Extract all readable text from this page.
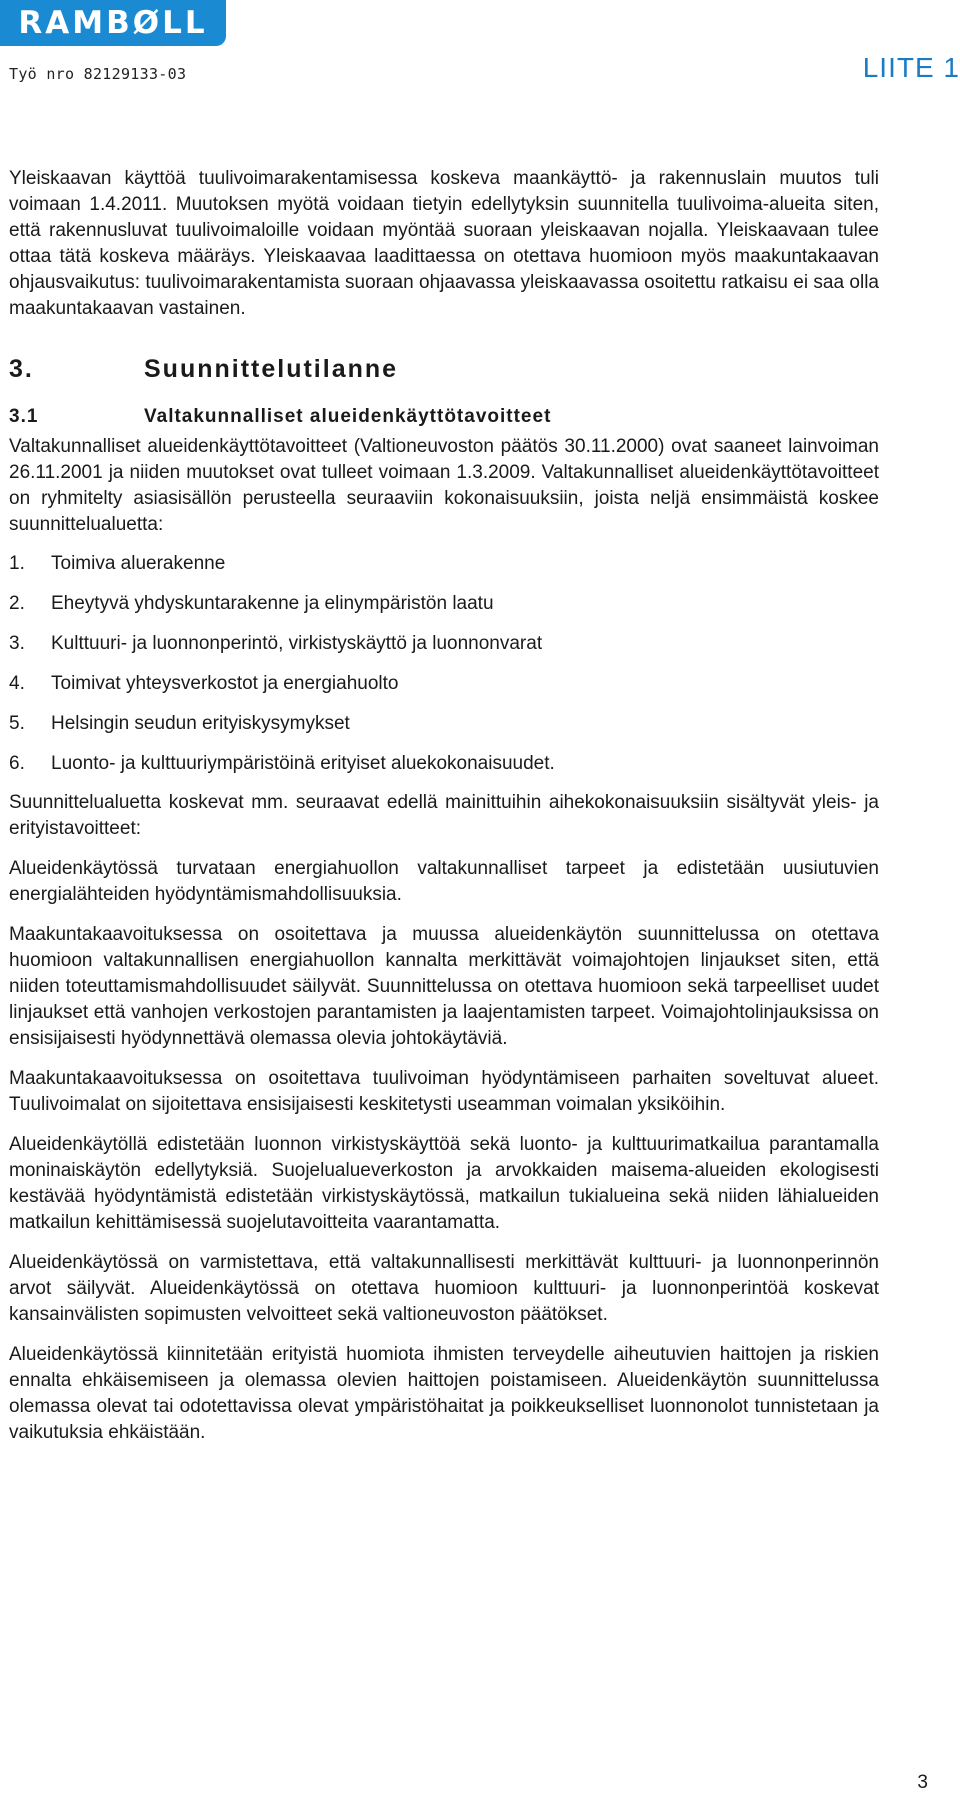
RAMBØLL
Työ nro 82129133-03	LIITE 1

Yleiskaavan käyttöä tuulivoimarakentamisessa koskeva maankäyttö- ja rakennuslain muutos tuli voimaan 1.4.2011. Muutoksen myötä voidaan tietyin edellytyksin suunnitella tuulivoima-alueita siten, että rakennusluvat tuulivoimaloille voidaan myöntää suoraan yleiskaavan nojalla. Yleiskaavaan tulee ottaa tätä koskeva määräys. Yleiskaavaa laadittaessa on otettava huomioon myös maakuntakaavan ohjausvaikutus: tuulivoimarakentamista suoraan ohjaavassa yleiskaavassa osoitettu ratkaisu ei saa olla maakuntakaavan vastainen.

3.	Suunnittelutilanne
3.1	Valtakunnalliset alueidenkäyttötavoitteet

Valtakunnalliset alueidenkäyttötavoitteet (Valtioneuvoston päätös 30.11.2000) ovat saaneet lainvoiman 26.11.2001 ja niiden muutokset ovat tulleet voimaan 1.3.2009. Valtakunnalliset alueidenkäyttötavoitteet on ryhmitelty asiasisällön perusteella seuraaviin kokonaisuuksiin, joista neljä ensimmäistä koskee suunnittelualuetta:

1.	Toimiva aluerakenne
2.	Eheytyvä yhdyskuntarakenne ja elinympäristön laatu
3.	Kulttuuri- ja luonnonperintö, virkistyskäyttö ja luonnonvarat
4.	Toimivat yhteysverkostot ja energiahuolto
5.	Helsingin seudun erityiskysymykset
6.	Luonto- ja kulttuuriympäristöinä erityiset aluekokonaisuudet.

Suunnittelualuetta koskevat mm. seuraavat edellä mainittuihin aihekokonaisuuksiin sisältyvät yleis- ja erityistavoitteet:

Alueidenkäytössä turvataan energiahuollon valtakunnalliset tarpeet ja edistetään uusiutuvien energialähteiden hyödyntämismahdollisuuksia.

Maakuntakaavoituksessa on osoitettava ja muussa alueidenkäytön suunnittelussa on otettava huomioon valtakunnallisen energiahuollon kannalta merkittävät voimajohtojen linjaukset siten, että niiden toteuttamismahdollisuudet säilyvät. Suunnittelussa on otettava huomioon sekä tarpeelliset uudet linjaukset että vanhojen verkostojen parantamisten ja laajentamisten tarpeet. Voimajohtolinjauksissa on ensisijaisesti hyödynnettävä olemassa olevia johtokäytäviä.

Maakuntakaavoituksessa on osoitettava tuulivoiman hyödyntämiseen parhaiten soveltuvat alueet. Tuulivoimalat on sijoitettava ensisijaisesti keskitetysti useamman voimalan yksiköihin.

Alueidenkäytöllä edistetään luonnon virkistyskäyttöä sekä luonto- ja kulttuurimatkailua parantamalla moninaiskäytön edellytyksiä. Suojelualueverkoston ja arvokkaiden maisema-alueiden ekologisesti kestävää hyödyntämistä edistetään virkistyskäytössä, matkailun tukialueina sekä niiden lähialueiden matkailun kehittämisessä suojelutavoitteita vaarantamatta.

Alueidenkäytössä on varmistettava, että valtakunnallisesti merkittävät kulttuuri- ja luonnonperinnön arvot säilyvät. Alueidenkäytössä on otettava huomioon kulttuuri- ja luonnonperintöä koskevat kansainvälisten sopimusten velvoitteet sekä valtioneuvoston päätökset.

Alueidenkäytössä kiinnitetään erityistä huomiota ihmisten terveydelle aiheutuvien haittojen ja riskien ennalta ehkäisemiseen ja olemassa olevien haittojen poistamiseen. Alueidenkäytön suunnittelussa olemassa olevat tai odotettavissa olevat ympäristöhaitat ja poikkeukselliset luonnonolot tunnistetaan ja vaikutuksia ehkäistään.

3
